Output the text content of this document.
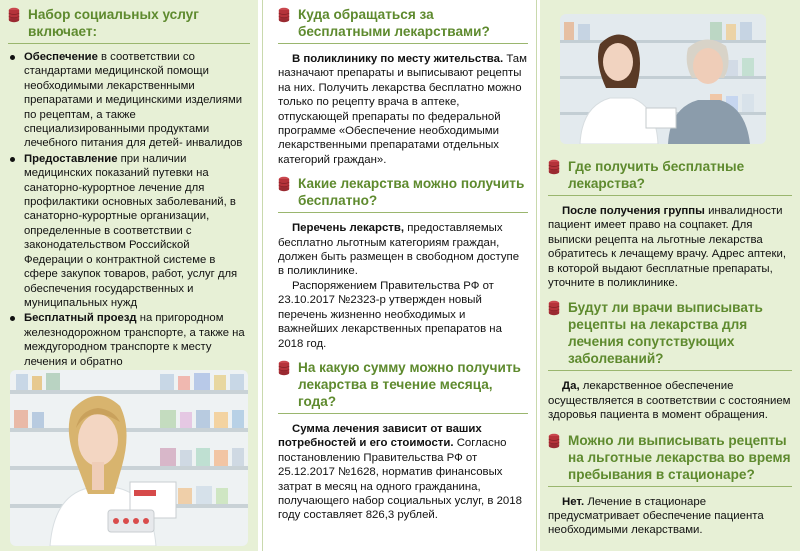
Набор социальных услуг включает:
Обеспечение в соответствии со стандартами медицинской помощи необходимыми лекарственными препаратами и медицинскими изделиями по рецептам, а также специализированными продуктами лечебного питания для детей- инвалидов
Предоставление при наличии медицинских показаний путевки на санаторно-курортное лечение для профилактики основных заболеваний, в санаторно-курортные организации, определенные в соответствии с законодательством Российской Федерации о контрактной системе в сфере закупок товаров, работ, услуг для обеспечения государственных и муниципальных нужд
Бесплатный проезд на пригородном железнодорожном транспорте, а также на междугородном транспорте к месту лечения и обратно
Куда обращаться за бесплатными лекарствами?

В поликлинику по месту жительства. Там назначают препараты и выписывают рецепты на них. Получить лекарства бесплатно можно только по рецепту врача в аптеке, отпускающей препараты по федеральной программе «Обеспечение необходимыми лекарственными препаратами отдельных категорий граждан».

Какие лекарства можно получить бесплатно?

Перечень лекарств, предоставляемых бесплатно льготным категориям граждан, должен быть размещен в свободном доступе в поликлинике.

Распоряжением Правительства РФ от 23.10.2017 №2323-р утвержден новый перечень жизненно необходимых и важнейших лекарственных препаратов на 2018 год.

На какую сумму можно получить лекарства в течение месяца, года?

Сумма лечения зависит от ваших потребностей и его стоимости. Согласно постановлению Правительства РФ от 25.12.2017 №1628, норматив финансовых затрат в месяц на одного гражданина, получающего набор социальных услуг, в 2018 году составляет 826,3 рублей.

Где получить бесплатные лекарства?

После получения группы инвалидности пациент имеет право на соцпакет. Для выписки рецепта на льготные лекарства обратитесь к лечащему врачу. Адрес аптеки, в которой выдают бесплатные препараты, уточните в поликлинике.

Будут ли врачи выписывать рецепты на лекарства для лечения сопутствующих заболеваний?

Да, лекарственное обеспечение осуществляется в соответствии с состоянием здоровья пациента в момент обращения.

Можно ли выписывать рецепты на льготные лекарства во время пребывания в стационаре?

Нет. Лечение в стационаре предусматривает обеспечение пациента необходимыми лекарствами.
